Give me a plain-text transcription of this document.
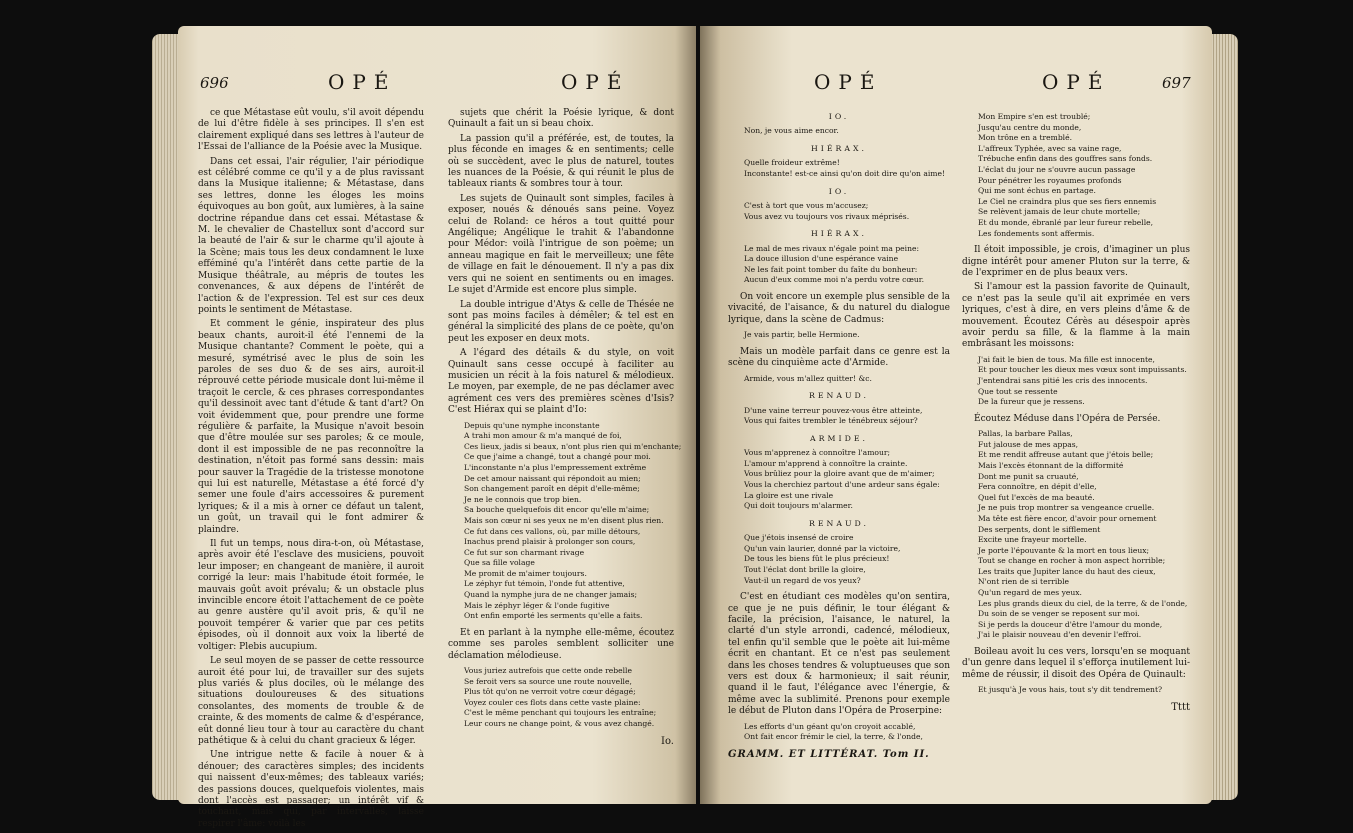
696	OPÉ	OPÉ

ce que Métastase eût voulu, s'il avoit dépendu de lui d'être fidèle à ses principes. Il s'en est clairement expliqué dans ses lettres à l'auteur de l'Essai de l'alliance de la Poésie avec la Musique.

Dans cet essai, l'air régulier, l'air périodique est célébré comme ce qu'il y a de plus ravissant dans la Musique italienne; & Métastase, dans ses lettres, donne les éloges les moins équivoques au bon goût, aux lumières, à la saine doctrine répandue dans cet essai. Métastase & M. le chevalier de Chastellux sont d'accord sur la beauté de l'air & sur le charme qu'il ajoute à la Scène; mais tous les deux condamnent le luxe efféminé qu'a l'intérêt dans cette partie de la Musique théâtrale, au mépris de toutes les convenances, & aux dépens de l'intérêt de l'action & de l'expression. Tel est sur ces deux points le sentiment de Métastase.

Et comment le génie, inspirateur des plus beaux chants, auroit-il été l'ennemi de la Musique chantante? Comment le poète, qui a mesuré, symétrisé avec le plus de soin les paroles de ses duo & de ses airs, auroit-il réprouvé cette période musicale dont lui-même il traçoit le cercle, & ces phrases correspondantes qu'il dessinoit avec tant d'étude & tant d'art? On voit évidemment que, pour prendre une forme régulière & parfaite, la Musique n'avoit besoin que d'être moulée sur ses paroles; & ce moule, dont il est impossible de ne pas reconnoître la destination, n'étoit pas formé sans dessin: mais pour sauver la Tragédie de la tristesse monotone qui lui est naturelle, Métastase a été forcé d'y semer une foule d'airs accessoires & purement lyriques; & il a mis à orner ce défaut un talent, un goût, un travail qui le font admirer & plaindre.

Il fut un temps, nous dira-t-on, où Métastase, après avoir été l'esclave des musiciens, pouvoit leur imposer; en changeant de manière, il auroit corrigé la leur: mais l'habitude étoit formée, le mauvais goût avoit prévalu; & un obstacle plus invincible encore étoit l'attachement de ce poète au genre austère qu'il avoit pris, & qu'il ne pouvoit tempérer & varier que par ces petits épisodes, où il donnoit aux voix la liberté de voltiger: Plebis aucupium.

Le seul moyen de se passer de cette ressource auroit été pour lui, de travailler sur des sujets plus variés & plus dociles, où le mélange des situations douloureuses & des situations consolantes, des moments de trouble & de crainte, & des moments de calme & d'espérance, eût donné lieu tour à tour au caractère du chant pathétique & à celui du chant gracieux & léger.

Une intrigue nette & facile à nouer & à dénouer; des caractères simples; des incidents qui naissent d'eux-mêmes; des tableaux variés; des passions douces, quelquefois violentes, mais dont l'accès est passager; un intérêt vif & touchant, mais qui, par intervalles, laisse respirer l'âme: voilà les

sujets que chérit la Poésie lyrique, & dont Quinault a fait un si beau choix.

La passion qu'il a préférée, est, de toutes, la plus féconde en images & en sentiments; celle où se succèdent, avec le plus de naturel, toutes les nuances de la Poésie, & qui réunit le plus de tableaux riants & sombres tour à tour.

Les sujets de Quinault sont simples, faciles à exposer, noués & dénoués sans peine. Voyez celui de Roland: ce héros a tout quitté pour Angélique; Angélique le trahit & l'abandonne pour Médor: voilà l'intrigue de son poème; un anneau magique en fait le merveilleux; une fête de village en fait le dénouement. Il n'y a pas dix vers qui ne soient en sentiments ou en images. Le sujet d'Armide est encore plus simple.

La double intrigue d'Atys & celle de Thésée ne sont pas moins faciles à démêler; & tel est en général la simplicité des plans de ce poète, qu'on peut les exposer en deux mots.

A l'égard des détails & du style, on voit Quinault sans cesse occupé à faciliter au musicien un récit à la fois naturel & mélodieux. Le moyen, par exemple, de ne pas déclamer avec agrément ces vers des premières scènes d'Isis? C'est Hiérax qui se plaint d'Io:

Depuis qu'une nymphe inconstante
A trahi mon amour & m'a manqué de foi,
Ces lieux, jadis si beaux, n'ont plus rien qui m'enchante;
Ce que j'aime a changé, tout a changé pour moi.
L'inconstante n'a plus l'empressement extrême
De cet amour naissant qui répondoit au mien;
Son changement paroît en dépit d'elle-même;
Je ne le connois que trop bien.
Sa bouche quelquefois dit encor qu'elle m'aime;
Mais son cœur ni ses yeux ne m'en disent plus rien.
Ce fut dans ces vallons, où, par mille détours,
Inachus prend plaisir à prolonger son cours,
Ce fut sur son charmant rivage
Que sa fille volage
Me promit de m'aimer toujours.
Le zéphyr fut témoin, l'onde fut attentive,
Quand la nymphe jura de ne changer jamais;
Mais le zéphyr léger & l'onde fugitive
Ont enfin emporté les serments qu'elle a faits.

Et en parlant à la nymphe elle-même, écoutez comme ses paroles semblent solliciter une déclamation mélodieuse.

Vous juriez autrefois que cette onde rebelle
Se feroit vers sa source une route nouvelle,
Plus tôt qu'on ne verroit votre cœur dégagé;
Voyez couler ces flots dans cette vaste plaine:
C'est le même penchant qui toujours les entraîne;
Leur cours ne change point, & vous avez changé.
Io.
OPÉ	OPÉ	697
IO.
Non, je vous aime encor.
HIÉRAX.
Quelle froideur extrême!
Inconstante! est-ce ainsi qu'on doit dire qu'on aime!
IO.
C'est à tort que vous m'accusez;
Vous avez vu toujours vos rivaux méprisés.
HIÉRAX.
Le mal de mes rivaux n'égale point ma peine:
La douce illusion d'une espérance vaine
Ne les fait point tomber du faîte du bonheur:
Aucun d'eux comme moi n'a perdu votre cœur.

On voit encore un exemple plus sensible de la vivacité, de l'aisance, & du naturel du dialogue lyrique, dans la scène de Cadmus:

Je vais partir, belle Hermione.

Mais un modèle parfait dans ce genre est la scène du cinquième acte d'Armide.

Armide, vous m'allez quitter! &c.
RENAUD.
D'une vaine terreur pouvez-vous être atteinte,
Vous qui faites trembler le ténébreux séjour?
ARMIDE.
Vous m'apprenez à connoître l'amour;
L'amour m'apprend à connoître la crainte.
Vous brûliez pour la gloire avant que de m'aimer;
Vous la cherchiez partout d'une ardeur sans égale:
La gloire est une rivale
Qui doit toujours m'alarmer.
RENAUD.
Que j'étois insensé de croire
Qu'un vain laurier, donné par la victoire,
De tous les biens fût le plus précieux!
Tout l'éclat dont brille la gloire,
Vaut-il un regard de vos yeux?

C'est en étudiant ces modèles qu'on sentira, ce que je ne puis définir, le tour élégant & facile, la précision, l'aisance, le naturel, la clarté d'un style arrondi, cadencé, mélodieux, tel enfin qu'il semble que le poète ait lui-même écrit en chantant. Et ce n'est pas seulement dans les choses tendres & voluptueuses que son vers est doux & harmonieux; il sait réunir, quand il le faut, l'élégance avec l'énergie, & même avec la sublimité. Prenons pour exemple le début de Pluton dans l'Opéra de Proserpine:

Les efforts d'un géant qu'on croyoit accablé,
Ont fait encor frémir le ciel, la terre, & l'onde,
GRAMM. ET LITTÉRAT. Tom II.
Mon Empire s'en est troublé;
Jusqu'au centre du monde,
Mon trône en a tremblé.
L'affreux Typhée, avec sa vaine rage,
Trébuche enfin dans des gouffres sans fonds.
L'éclat du jour ne s'ouvre aucun passage
Pour pénétrer les royaumes profonds
Qui me sont échus en partage.
Le Ciel ne craindra plus que ses fiers ennemis
Se relèvent jamais de leur chute mortelle;
Et du monde, ébranlé par leur fureur rebelle,
Les fondements sont affermis.

Il étoit impossible, je crois, d'imaginer un plus digne intérêt pour amener Pluton sur la terre, & de l'exprimer en de plus beaux vers.

Si l'amour est la passion favorite de Quinault, ce n'est pas la seule qu'il ait exprimée en vers lyriques, c'est à dire, en vers pleins d'âme & de mouvement. Écoutez Cérès au désespoir après avoir perdu sa fille, & la flamme à la main embrâsant les moissons:

J'ai fait le bien de tous. Ma fille est innocente,
Et pour toucher les dieux mes vœux sont impuissants.
J'entendrai sans pitié les cris des innocents.
Que tout se ressente
De la fureur que je ressens.

Écoutez Méduse dans l'Opéra de Persée.

Pallas, la barbare Pallas,
Fut jalouse de mes appas,
Et me rendit affreuse autant que j'étois belle;
Mais l'excès étonnant de la difformité
Dont me punit sa cruauté,
Fera connoître, en dépit d'elle,
Quel fut l'excès de ma beauté.
Je ne puis trop montrer sa vengeance cruelle.
Ma tête est fière encor, d'avoir pour ornement
Des serpents, dont le sifflement
Excite une frayeur mortelle.
Je porte l'épouvante & la mort en tous lieux;
Tout se change en rocher à mon aspect horrible;
Les traits que Jupiter lance du haut des cieux,
N'ont rien de si terrible
Qu'un regard de mes yeux.
Les plus grands dieux du ciel, de la terre, & de l'onde,
Du soin de se venger se reposent sur moi.
Si je perds la douceur d'être l'amour du monde,
J'ai le plaisir nouveau d'en devenir l'effroi.

Boileau avoit lu ces vers, lorsqu'en se moquant d'un genre dans lequel il s'efforça inutilement lui-même de réussir, il disoit des Opéra de Quinault:

Et jusqu'à Je vous hais, tout s'y dit tendrement?
Tttt
